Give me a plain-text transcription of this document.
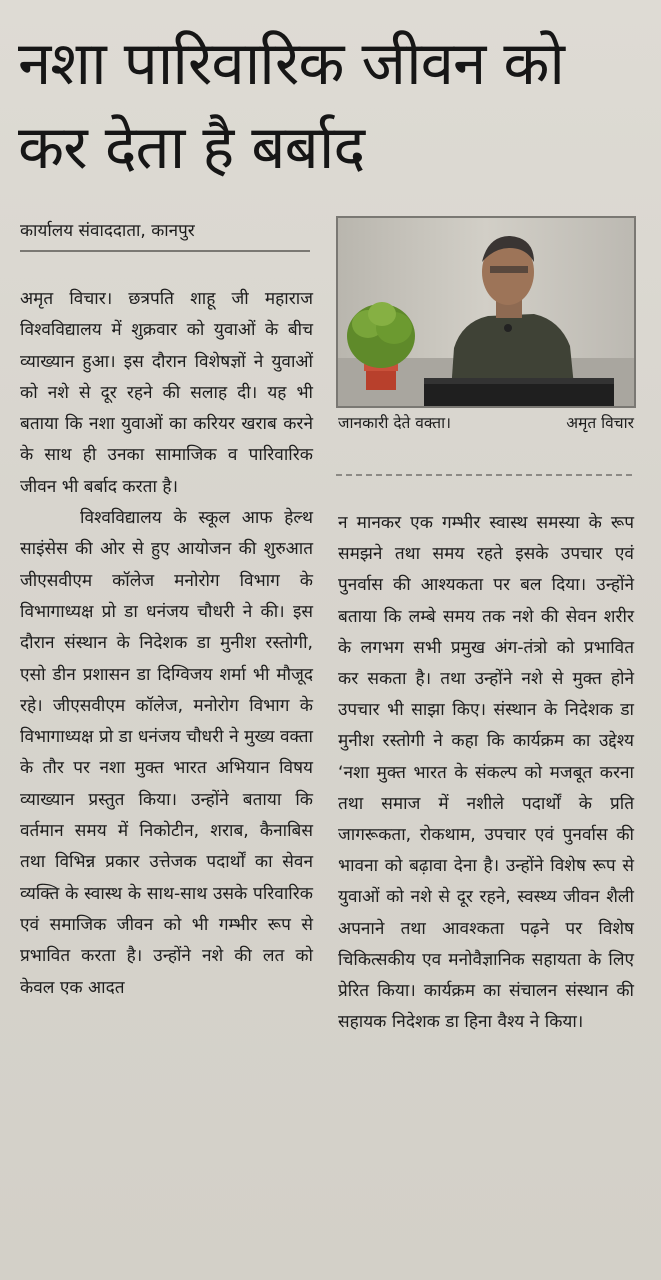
नशा पारिवारिक जीवन को कर देता है बर्बाद
कार्यालय संवाददाता, कानपुर

अमृत विचार। छत्रपति शाहू जी महाराज विश्वविद्यालय में शुक्रवार को युवाओं के बीच व्याख्यान हुआ। इस दौरान विशेषज्ञों ने युवाओं को नशे से दूर रहने की सलाह दी। यह भी बताया कि नशा युवाओं का करियर खराब करने के साथ ही उनका सामाजिक व पारिवारिक जीवन भी बर्बाद करता है।

विश्वविद्यालय के स्कूल आफ हेल्थ साइंसेस की ओर से हुए आयोजन की शुरुआत जीएसवीएम कॉलेज मनोरोग विभाग के विभागाध्यक्ष प्रो डा धनंजय चौधरी ने की। इस दौरान संस्थान के निदेशक डा मुनीश रस्तोगी, एसो डीन प्रशासन डा दिग्विजय शर्मा भी मौजूद रहे। जीएसवीएम कॉलेज, मनोरोग विभाग के विभागाध्यक्ष प्रो डा धनंजय चौधरी ने मुख्य वक्ता के तौर पर नशा मुक्त भारत अभियान विषय व्याख्यान प्रस्तुत किया। उन्होंने बताया कि वर्तमान समय में निकोटीन, शराब, कैनाबिस तथा विभिन्न प्रकार उत्तेजक पदार्थों का सेवन व्यक्ति के स्वास्थ के साथ-साथ उसके परिवारिक एवं समाजिक जीवन को भी गम्भीर रूप से प्रभावित करता है। उन्होंने नशे की लत को केवल एक आदत

जानकारी देते वक्ता।	अमृत विचार

न मानकर एक गम्भीर स्वास्थ समस्या के रूप समझने तथा समय रहते इसके उपचार एवं पुनर्वास की आश्यकता पर बल दिया। उन्होंने बताया कि लम्बे समय तक नशे की सेवन शरीर के लगभग सभी प्रमुख अंग-तंत्रो को प्रभावित कर सकता है। तथा उन्होंने नशे से मुक्त होने उपचार भी साझा किए। संस्थान के निदेशक डा मुनीश रस्तोगी ने कहा कि कार्यक्रम का उद्देश्य ‘नशा मुक्त भारत के संकल्प को मजबूत करना तथा समाज में नशीले पदार्थों के प्रति जागरूकता, रोकथाम, उपचार एवं पुनर्वास की भावना को बढ़ावा देना है। उन्होंने विशेष रूप से युवाओं को नशे से दूर रहने, स्वस्थ्य जीवन शैली अपनाने तथा आवश्कता पढ़ने पर विशेष चिकित्सकीय एव मनोवैज्ञानिक सहायता के लिए प्रेरित किया। कार्यक्रम का संचालन संस्थान की सहायक निदेशक डा हिना वैश्य ने किया।
